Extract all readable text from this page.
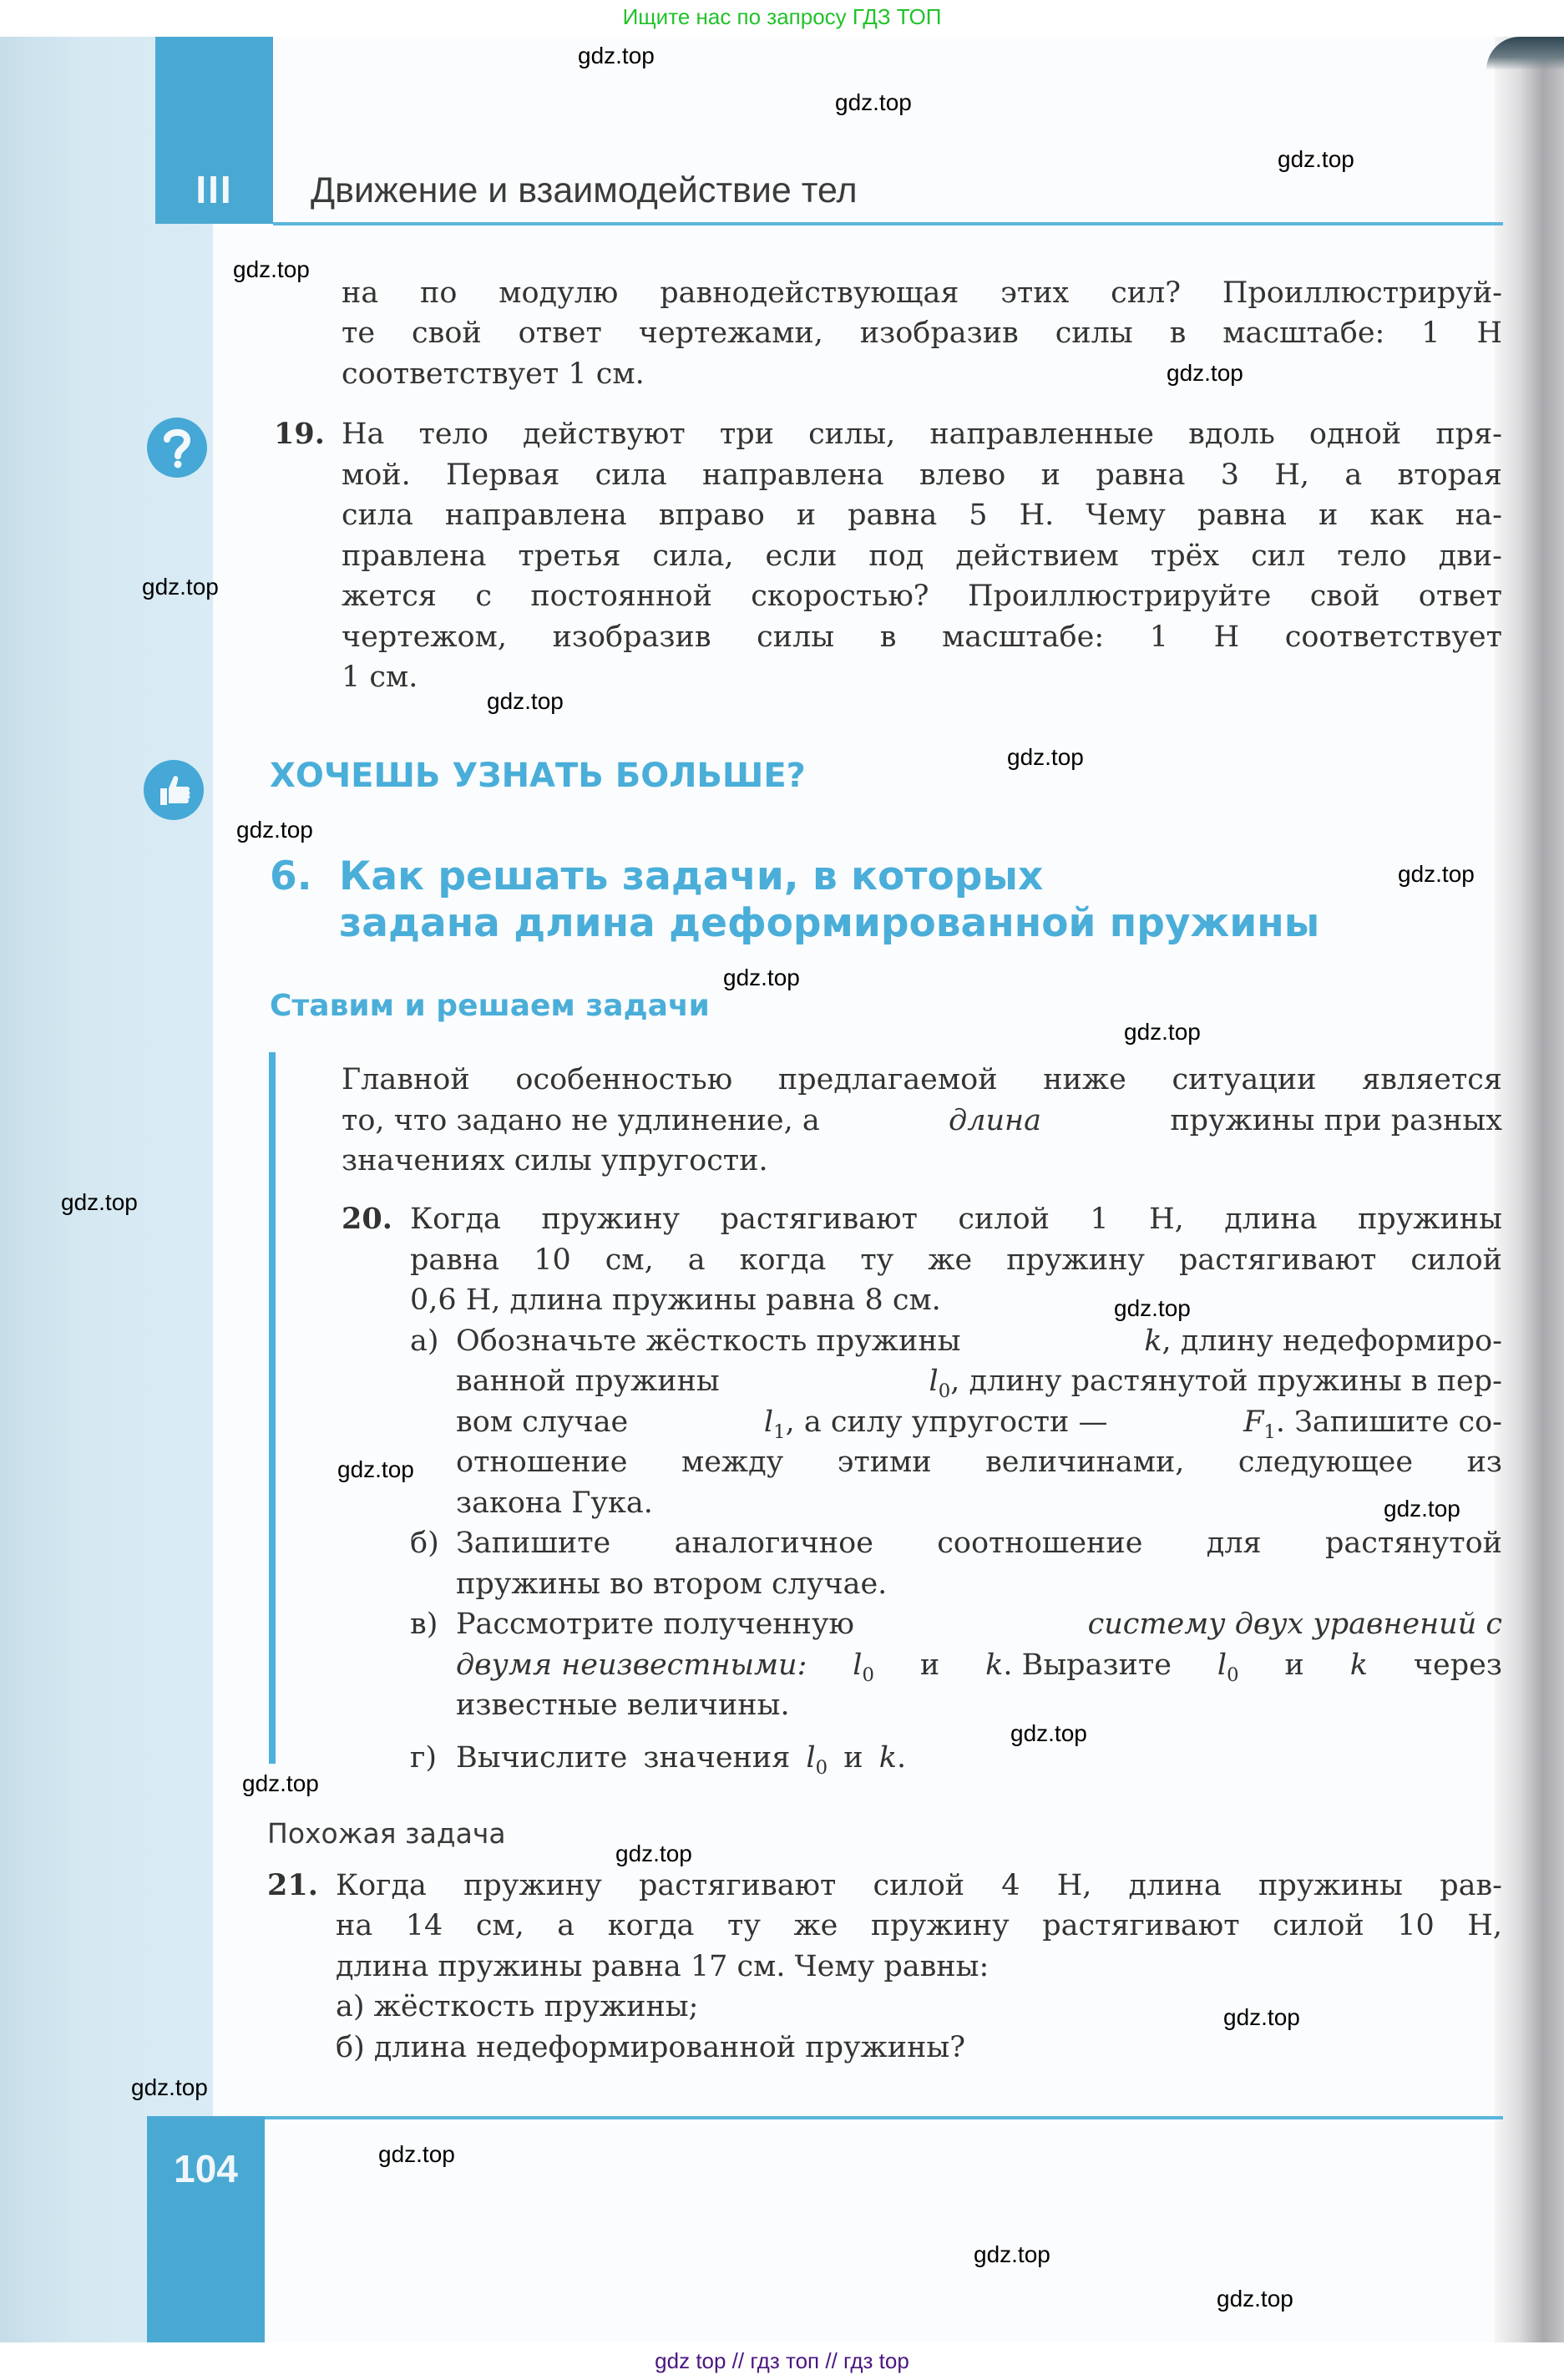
Ищите нас по запросу ГДЗ ТОП
III	Движение и взаимодействие тел
на по модулю равнодействующая этих сил? Проиллюстрируй-
те свой ответ чертежами, изобразив силы в масштабе: 1 Н
соответствует 1 см.
19. На тело действуют три силы, направленные вдоль одной пря-
мой. Первая сила направлена влево и равна 3 Н, а вторая
сила направлена вправо и равна 5 Н. Чему равна и как на-
правлена третья сила, если под действием трёх сил тело дви-
жется с постоянной скоростью? Проиллюстрируйте свой ответ
чертежом, изобразив силы в масштабе: 1 Н соответствует
1 см.
ХОЧЕШЬ УЗНАТЬ БОЛЬШЕ?
6. Как решать задачи, в которых
задана длина деформированной пружины
Ставим и решаем задачи
Главной особенностью предлагаемой ниже ситуации является
то, что задано не удлинение, а	длина	пружины при разных
значениях силы упругости.
20. Когда пружину растягивают силой 1 Н, длина пружины
равна 10 см, а когда ту же пружину растягивают силой
0,6 Н, длина пружины равна 8 см.
а) Обозначьте жёсткость пружины	k, длину недеформиро-
ванной пружины	$l_0$, длину растянутой пружины в пер-
вом случае	$l_1$, а силу упругости —	$F_1$. Запишите со-
отношение между этими величинами, следующее из
закона Гука.
б) Запишите аналогичное соотношение для растянутой
пружины во втором случае.
в) Рассмотрите полученную	систему двух уравнений с
двумя неизвестными: $l_0$ и k. Выразите $l_0$ и k через
известные величины.
г) Вычислите значения $l_0$ и k.
Похожая задача
21. Когда пружину растягивают силой 4 Н, длина пружины рав-
на 14 см, а когда ту же пружину растягивают силой 10 Н,
длина пружины равна 17 см. Чему равны:
а) жёсткость пружины;
б) длина недеформированной пружины?
104
gdz.top
gdz.top
gdz.top
gdz.top
gdz.top
gdz.top
gdz.top
gdz.top
gdz.top
gdz.top
gdz.top
gdz.top
gdz.top
gdz.top
gdz.top
gdz.top
gdz.top
gdz.top
gdz.top
gdz.top
gdz.top
gdz.top
gdz.top
gdz.top
gdz top // гдз топ // гдз top
